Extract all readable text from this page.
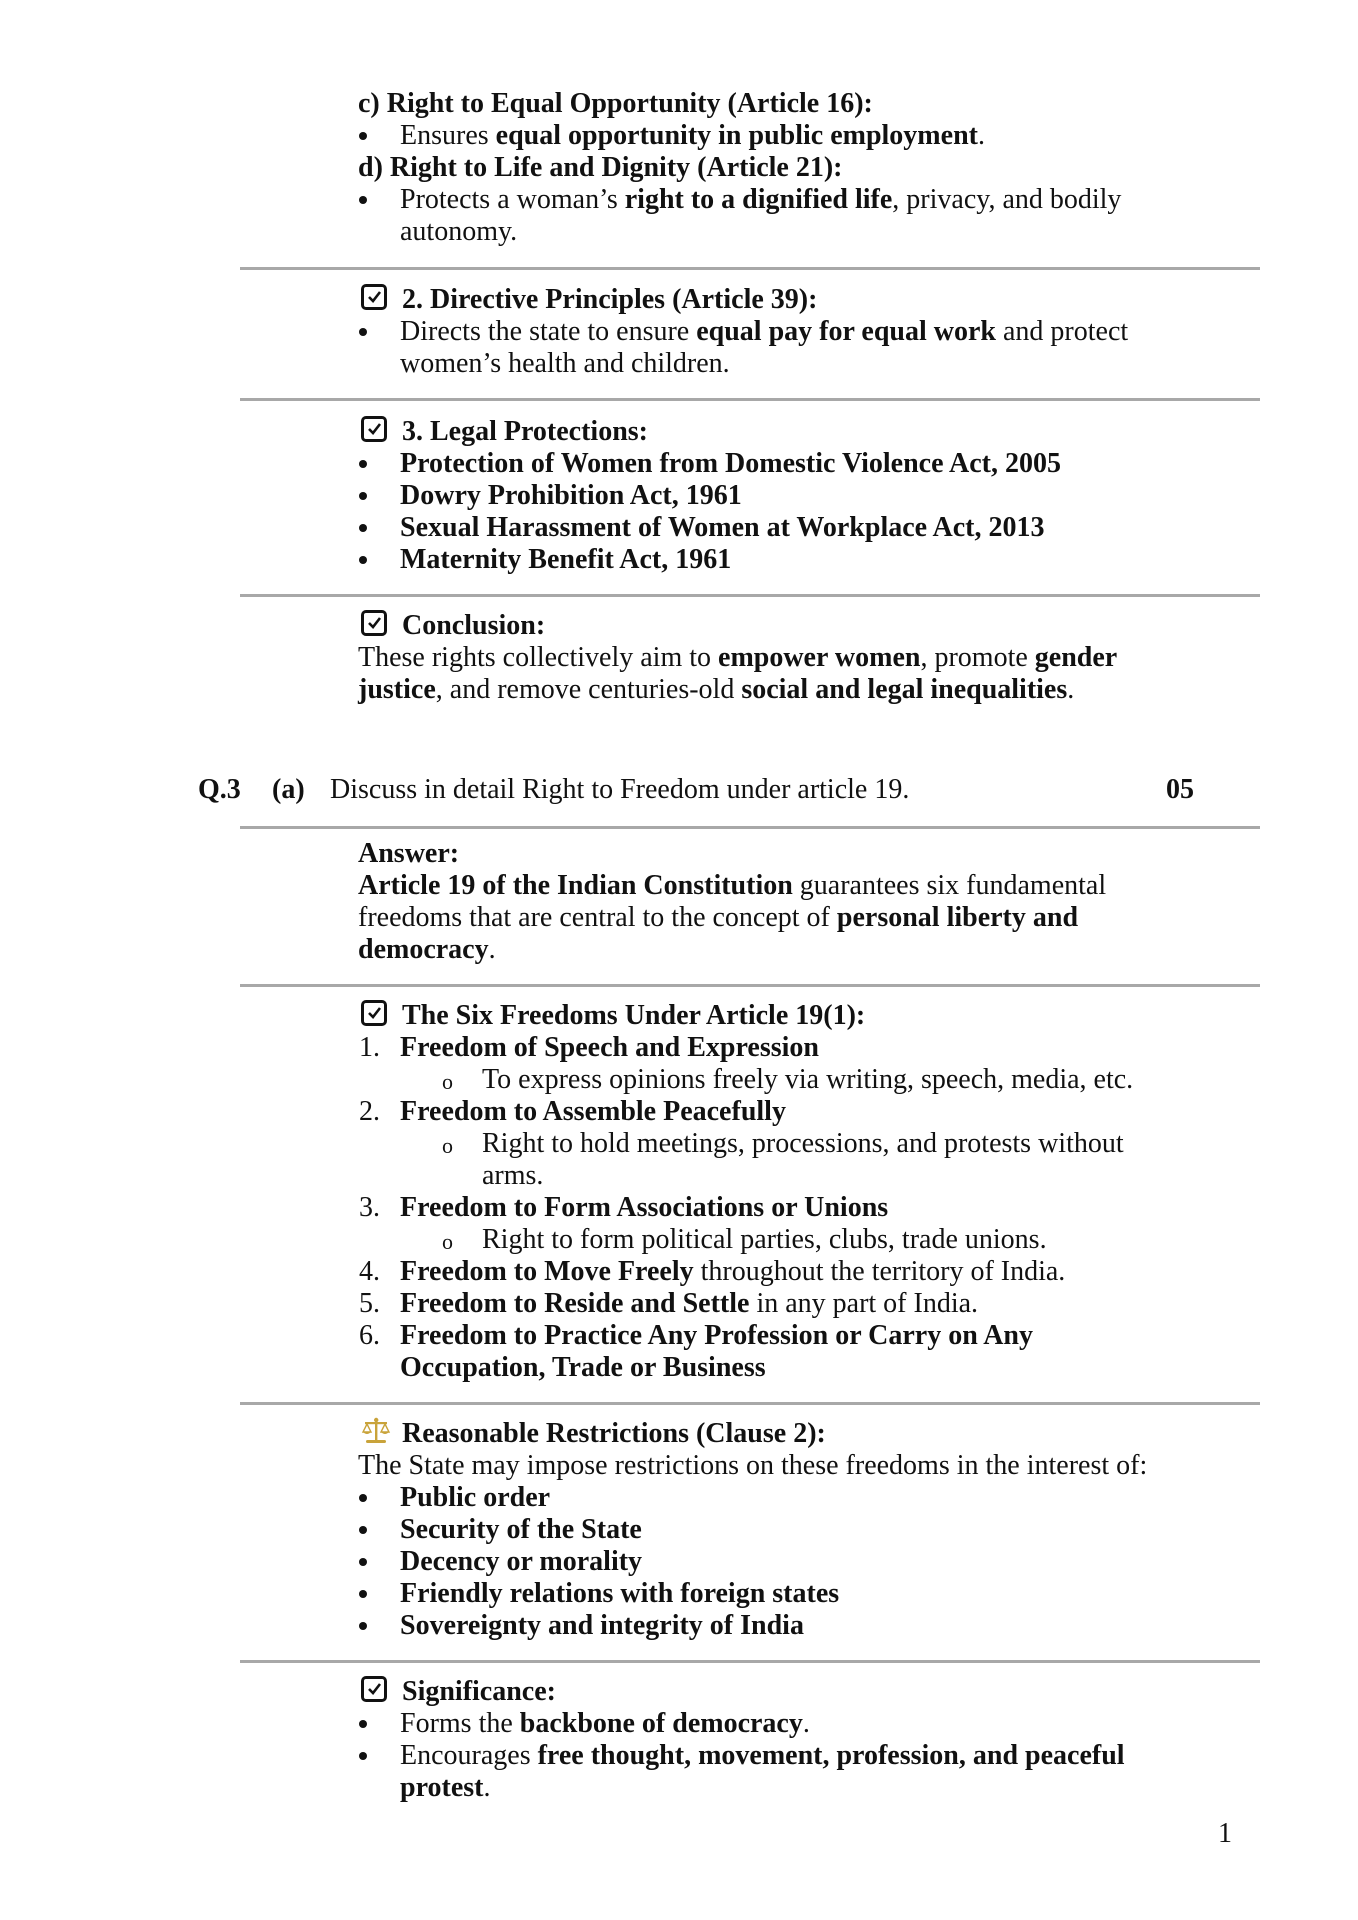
c) Right to Equal Opportunity (Article 16):
Ensures equal opportunity in public employment.
d) Right to Life and Dignity (Article 21):
Protects a woman’s right to a dignified life, privacy, and bodily
autonomy.
2. Directive Principles (Article 39):
Directs the state to ensure equal pay for equal work and protect
women’s health and children.
3. Legal Protections:
Protection of Women from Domestic Violence Act, 2005
Dowry Prohibition Act, 1961
Sexual Harassment of Women at Workplace Act, 2013
Maternity Benefit Act, 1961
Conclusion:
These rights collectively aim to empower women, promote gender
justice, and remove centuries-old social and legal inequalities.
Q.3 (a) Discuss in detail Right to Freedom under article 19.	05
Answer:
Article 19 of the Indian Constitution guarantees six fundamental
freedoms that are central to the concept of personal liberty and
democracy.
The Six Freedoms Under Article 19(1):
1. Freedom of Speech and Expression
o To express opinions freely via writing, speech, media, etc.
2. Freedom to Assemble Peacefully
o Right to hold meetings, processions, and protests without
arms.
3. Freedom to Form Associations or Unions
o Right to form political parties, clubs, trade unions.
4. Freedom to Move Freely throughout the territory of India.
5. Freedom to Reside and Settle in any part of India.
6. Freedom to Practice Any Profession or Carry on Any
Occupation, Trade or Business
Reasonable Restrictions (Clause 2):
The State may impose restrictions on these freedoms in the interest of:
Public order
Security of the State
Decency or morality
Friendly relations with foreign states
Sovereignty and integrity of India
Significance:
Forms the backbone of democracy.
Encourages free thought, movement, profession, and peaceful
protest.
1
